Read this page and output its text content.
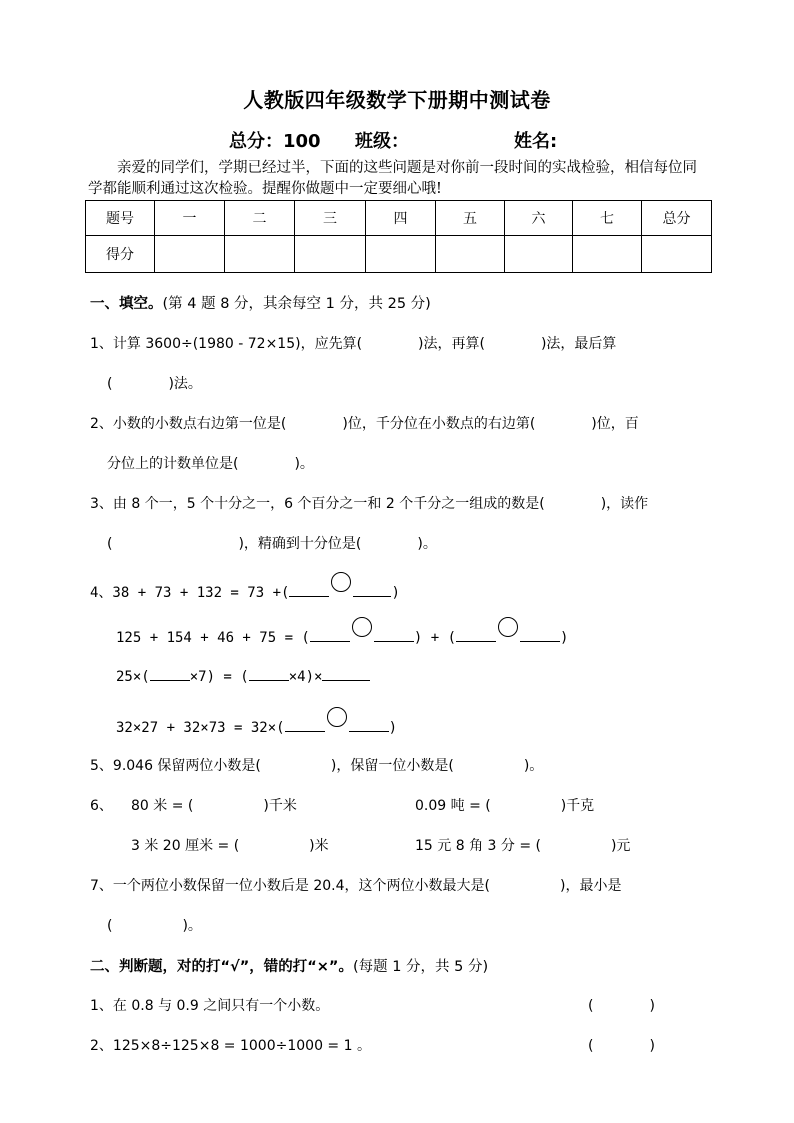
人教版四年级数学下册期中测试卷
总分：100 班级：	姓名:
亲爱的同学们，学期已经过半，下面的这些问题是对你前一段时间的实战检验，相信每位同学都能顺利通过这次检验。提醒你做题中一定要细心哦!
题号	一	二	三	四	五	六	七	总分
得分								
一、填空。(第 4 题 8 分，其余每空 1 分，共 25 分)
1、计算 3600÷(1980 - 72×15)，应先算(　　　　)法，再算(　　　　)法，最后算
(　　　　)法。
2、小数的小数点右边第一位是(　　　　)位，千分位在小数点的右边第(　　　　)位，百
分位上的计数单位是(　　　　)。
3、由 8 个一，5 个十分之一，6 个百分之一和 2 个千分之一组成的数是(　　　　)，读作
(　　　　　　　　　)，精确到十分位是(　　　　)。
4、38 + 73 + 132 = 73 +(	)
125 + 154 + 46 + 75 = (	) + (	)
25×(	×7) = (	×4)×
32×27 + 32×73 = 32×(	)
5、9.046 保留两位小数是(　　　　　)，保留一位小数是(　　　　　)。
6、 80 米 = (　　　　　)千米	0.09 吨 = (　　　　　)千克
3 米 20 厘米 = (　　　　　)米	15 元 8 角 3 分 = (　　　　　)元
7、一个两位小数保留一位小数后是 20.4，这个两位小数最大是(　　　　　)，最小是
(　　　　　)。
二、判断题，对的打“√”，错的打“×”。(每题 1 分，共 5 分)
1、在 0.8 与 0.9 之间只有一个小数。	(　　　　)
2、125×8÷125×8 = 1000÷1000 = 1 。	(　　　　)
